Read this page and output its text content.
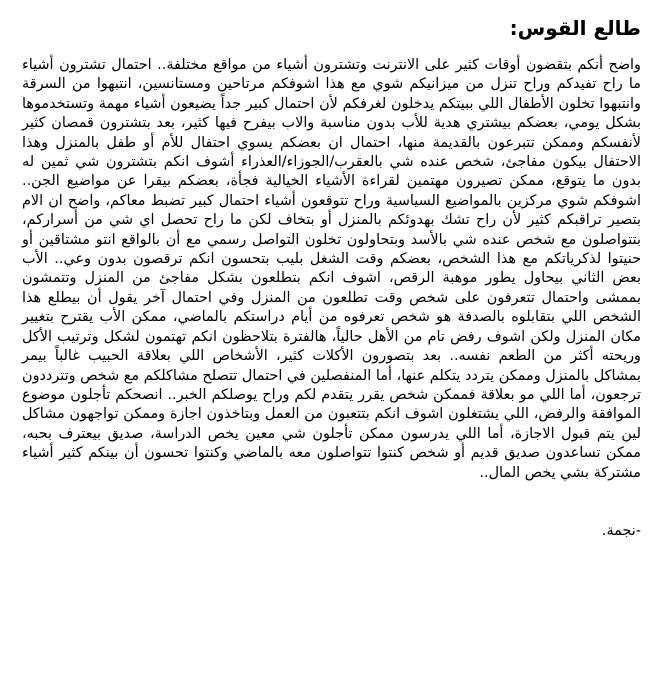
طالع القوس:

واضح أنكم بتقضون أوقات كثير على الانترنت وتشترون أشياء من مواقع مختلفة.. احتمال تشترون أشياء ما راح تفيدكم وراح تنزل من ميزانيكم شوي مع هذا اشوفكم مرتاحين ومستانسين، انتبهوا من السرقة وانتبهوا تخلون الأطفال اللي ببيتكم يدخلون لغرفكم لأن احتمال كبير جداً يضيعون أشياء مهمة وتستخدموها بشكل يومي، بعضكم بيشتري هدية للأب بدون مناسبة والاب بيفرح فيها كثير، بعد بتشترون قمصان كثير لأنفسكم وممكن تتبرعون بالقديمة منها، احتمال ان بعضكم يسوي احتفال للأم أو طفل بالمنزل وهذا الاحتفال بيكون مفاجئ، شخص عنده شي بالعقرب/الجوزاء/العذراء أشوف انكم بتشترون شي ثمين له بدون ما يتوقع، ممكن تصيرون مهتمين لقراءة الأشياء الخيالية فجأة، بعضكم بيقرا عن مواضيع الجن.. اشوفكم شوي مركزين بالمواضيع السياسية وراح تتوقعون أشياء احتمال كبير تضبط معاكم، واضح ان الام بتصير تراقبكم كثير لأن راح تشك بهدوئكم بالمنزل أو بتخاف لكن ما راح تحصل اي شي من أسراركم، بتتواصلون مع شخص عنده شي بالأسد وبتحاولون تخلون التواصل رسمي مع أن بالواقع انتو مشتاقين أو حنيتوا لذكرياتكم مع هذا الشخص، بعضكم وقت الشغل بليب بتحسون انكم ترقصون بدون وعي.. الأب بعض الثاني بيحاول يطور موهبة الرقص، اشوف انكم بتطلعون بشكل مفاجئ من المنزل وتتمشون بممشى واحتمال تتعرفون على شخص وقت تطلعون من المنزل وفي احتمال آخر يقول أن بيطلع هذا الشخص اللي بتقابلوه بالصدفة هو شخص تعرفوه من أيام دراستكم بالماضي، ممكن الأب يقترح بتغيير مكان المنزل ولكن اشوف رفض تام من الأهل حالياً، هالفترة بتلاحظون انكم تهتمون لشكل وترتيب الأكل وريحته أكثر من الطعم نفسه.. بعد بتصورون الأكلات كثير، الأشخاص اللي بعلاقة الحبيب غالباً بيمر بمشاكل بالمنزل وممكن يتردد يتكلم عنها، أما المنفصلين في احتمال تتصلح مشاكلكم مع شخص وتترددون ترجعون، أما اللي مو بعلاقة فممكن شخص يقرر يتقدم لكم وراح يوصلكم الخبر.. انصحكم تأجلون موضوع الموافقة والرفض، اللي يشتغلون اشوف انكم بتتعبون من العمل وبتاخذون اجازة وممكن تواجهون مشاكل لين يتم قبول الاجازة، أما اللي يدرسون ممكن تأجلون شي معين يخص الدراسة، صديق بيعترف بحبه، ممكن تساعدون صديق قديم أو شخص كنتوا تتواصلون معه بالماضي وكنتوا تحسون أن بينكم كثير أشياء مشتركة بشي يخص المال..

-نجمة.
